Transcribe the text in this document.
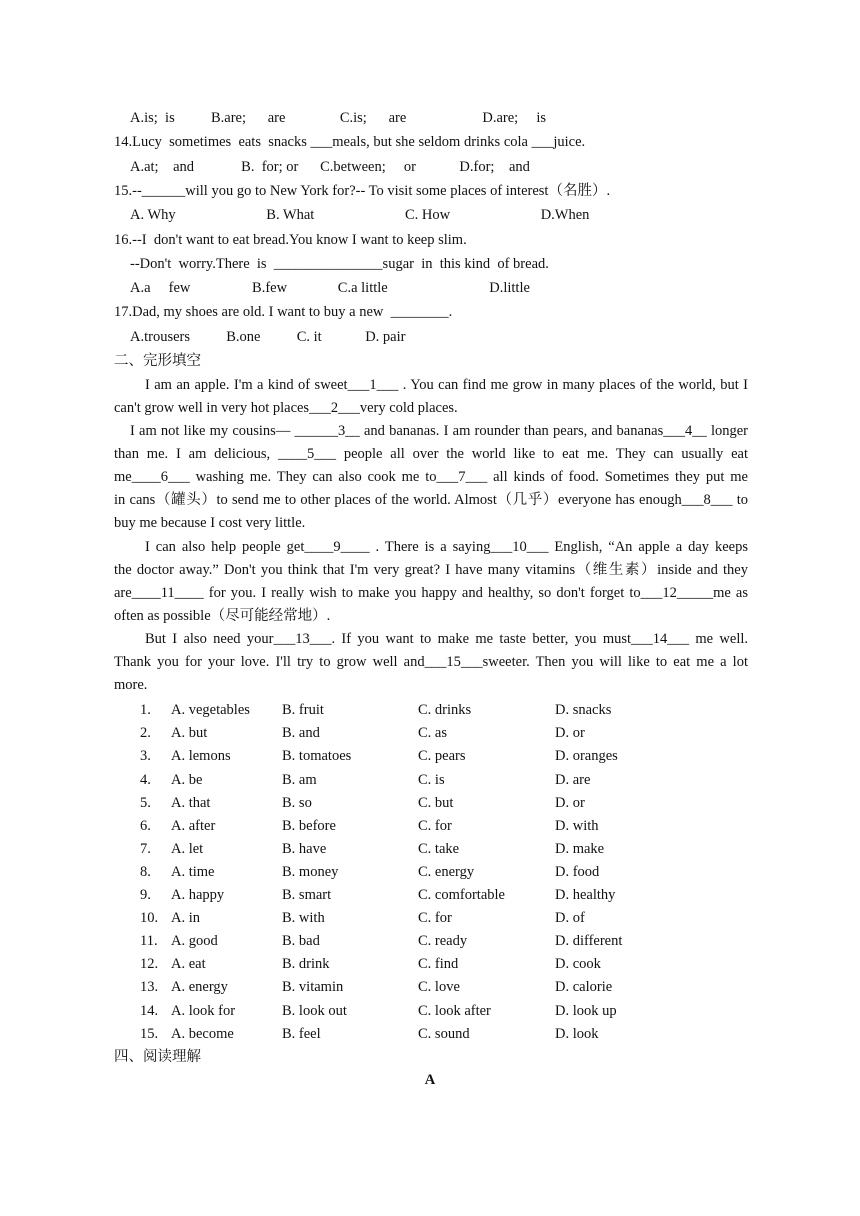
A.is;  is          B.are;      are               C.is;      are                     D.are;     is
14.Lucy  sometimes  eats  snacks ___meals, but she seldom drinks cola ___juice.
A.at;    and             B.  for; or      C.between;     or            D.for;    and
15.--______will you go to New York for?-- To visit some places of interest（名胜）.
A. Why                         B. What                         C. How                         D.When
16.--I  don't want to eat bread.You know I want to keep slim.
--Don't  worry.There  is  _______________sugar  in  this kind  of bread.
A.a     few                 B.few              C.a little                            D.little
17.Dad, my shoes are old. I want to buy a new  ________.
A.trousers          B.one          C. it            D. pair
二、完形填空
I am an apple. I'm a kind of sweet___1___ . You can find me grow in many places of the world, but I
can't grow well in very hot places___2___very cold places.
I am not like my cousins— ______3__ and bananas. I am rounder than pears, and bananas___4__ longer
than me. I am delicious, ____5___ people all over the world like to eat me. They can usually eat
me____6___ washing me. They can also cook me to___7___ all kinds of food. Sometimes they put me
in cans（罐头）to send me to other places of the world. Almost（几乎）everyone has enough___8___ to
buy me because I cost very little.
I can also help people get____9____ . There is a saying___10___ English, “An apple a day keeps
the doctor away.” Don't you think that I'm very great? I have many vitamins（维生素）inside and they
are____11____ for you. I really wish to make you happy and healthy, so don't forget to___12_____me as
often as possible（尽可能经常地）.
But I also need your___13___. If you want to make me taste better, you must___14___ me well.
Thank you for your love. I'll try to grow well and___15___sweeter. Then you will like to eat me a lot
more.
1. A. vegetables B. fruit	C. drinks	D. snacks
2. A. but	B. and	C. as	D. or
3. A. lemons	B. tomatoes	C. pears	D. oranges
4. A. be	B. am	C. is	D. are
5. A. that	B. so	C. but	D. or
6. A. after	B. before	C. for	D. with
7. A. let	B. have	C. take	D. make
8. A. time	B. money	C. energy	D. food
9. A. happy	B. smart	C. comfortable	D. healthy
10. A. in	B. with	C. for	D. of
11. A. good	B. bad	C. ready	D. different
12. A. eat	B. drink	C. find	D. cook
13. A. energy	B. vitamin	C. love	D. calorie
14. A. look for	B. look out	C. look after	D. look up
15. A. become	B. feel	C. sound	D. look
四、阅读理解
A
